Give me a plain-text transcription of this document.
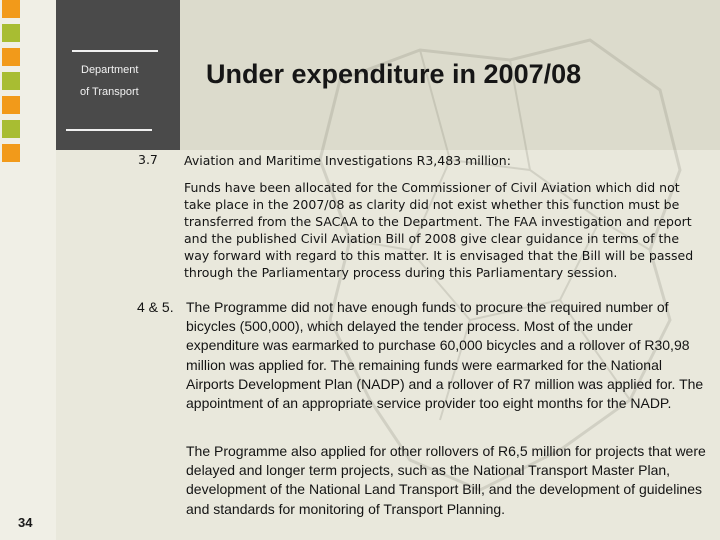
Department
of Transport
Under expenditure in 2007/08
3.7 Aviation and Maritime Investigations R3,483 million:
Funds have been allocated for the Commissioner of Civil Aviation which did not take place in the 2007/08 as clarity did not exist whether this function must be transferred from the SACAA to the Department. The FAA investigation and report and the published Civil Aviation Bill of 2008 give clear guidance in terms of the way forward with regard to this matter. It is envisaged that the Bill will be passed through the Parliamentary process during this Parliamentary session.
4 & 5. The Programme did not have enough funds to procure the required number of bicycles (500,000), which delayed the tender process. Most of the under expenditure was earmarked to purchase 60,000 bicycles and a rollover of R30,98 million was applied for. The remaining funds were earmarked for the National Airports Development Plan (NADP) and a rollover of R7 million was applied for. The appointment of an appropriate service provider too eight months for the NADP.
The Programme also applied for other rollovers of R6,5 million for projects that were delayed and longer term projects, such as the National Transport Master Plan, development of the National Land Transport Bill, and the development of guidelines and standards for monitoring of Transport Planning.
34
